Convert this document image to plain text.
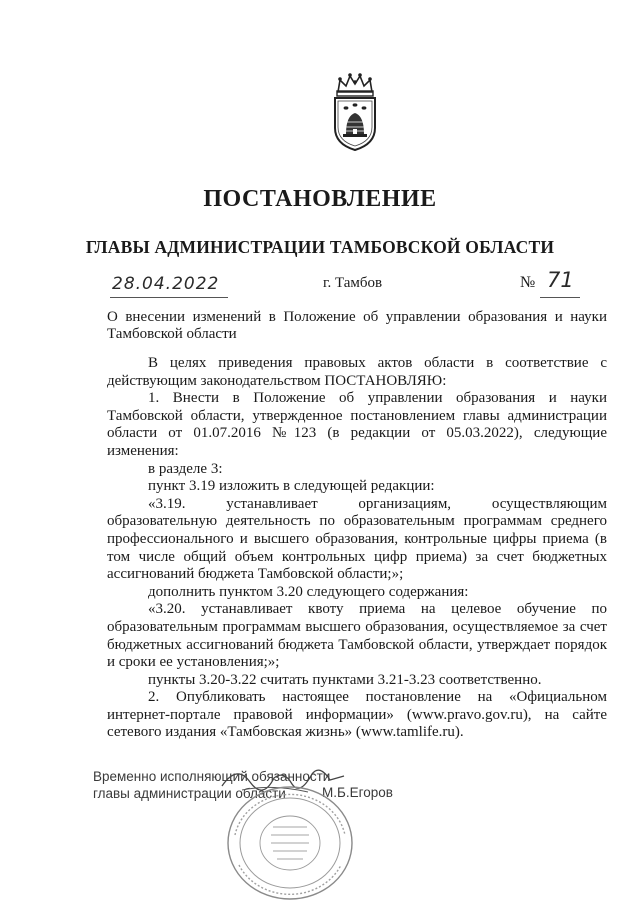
ПОСТАНОВЛЕНИЕ
ГЛАВЫ АДМИНИСТРАЦИИ ТАМБОВСКОЙ ОБЛАСТИ
28.04.2022	г. Тамбов	№ 71
О внесении изменений в Положение об управлении образования и науки Тамбовской области

В целях приведения правовых актов области в соответствие с действующим законодательством ПОСТАНОВЛЯЮ:

1. Внести в Положение об управлении образования и науки Тамбовской области, утвержденное постановлением главы администрации области от 01.07.2016 №123 (в редакции от 05.03.2022), следующие изменения:

в разделе 3:

пункт 3.19 изложить в следующей редакции:

«3.19. устанавливает организациям, осуществляющим образовательную деятельность по образовательным программам среднего профессионального и высшего образования, контрольные цифры приема (в том числе общий объем контрольных цифр приема) за счет бюджетных ассигнований бюджета Тамбовской области;»;

дополнить пунктом 3.20 следующего содержания:

«3.20. устанавливает квоту приема на целевое обучение по образовательным программам высшего образования, осуществляемое за счет бюджетных ассигнований бюджета Тамбовской области, утверждает порядок и сроки ее установления;»;

пункты 3.20-3.22 считать пунктами 3.21-3.23 соответственно.

2. Опубликовать настоящее постановление на «Официальном интернет-портале правовой информации» (www.pravo.gov.ru), на сайте сетевого издания «Тамбовская жизнь» (www.tamlife.ru).

Временно исполняющий обязанности
главы администрации области	М.Б.Егоров
